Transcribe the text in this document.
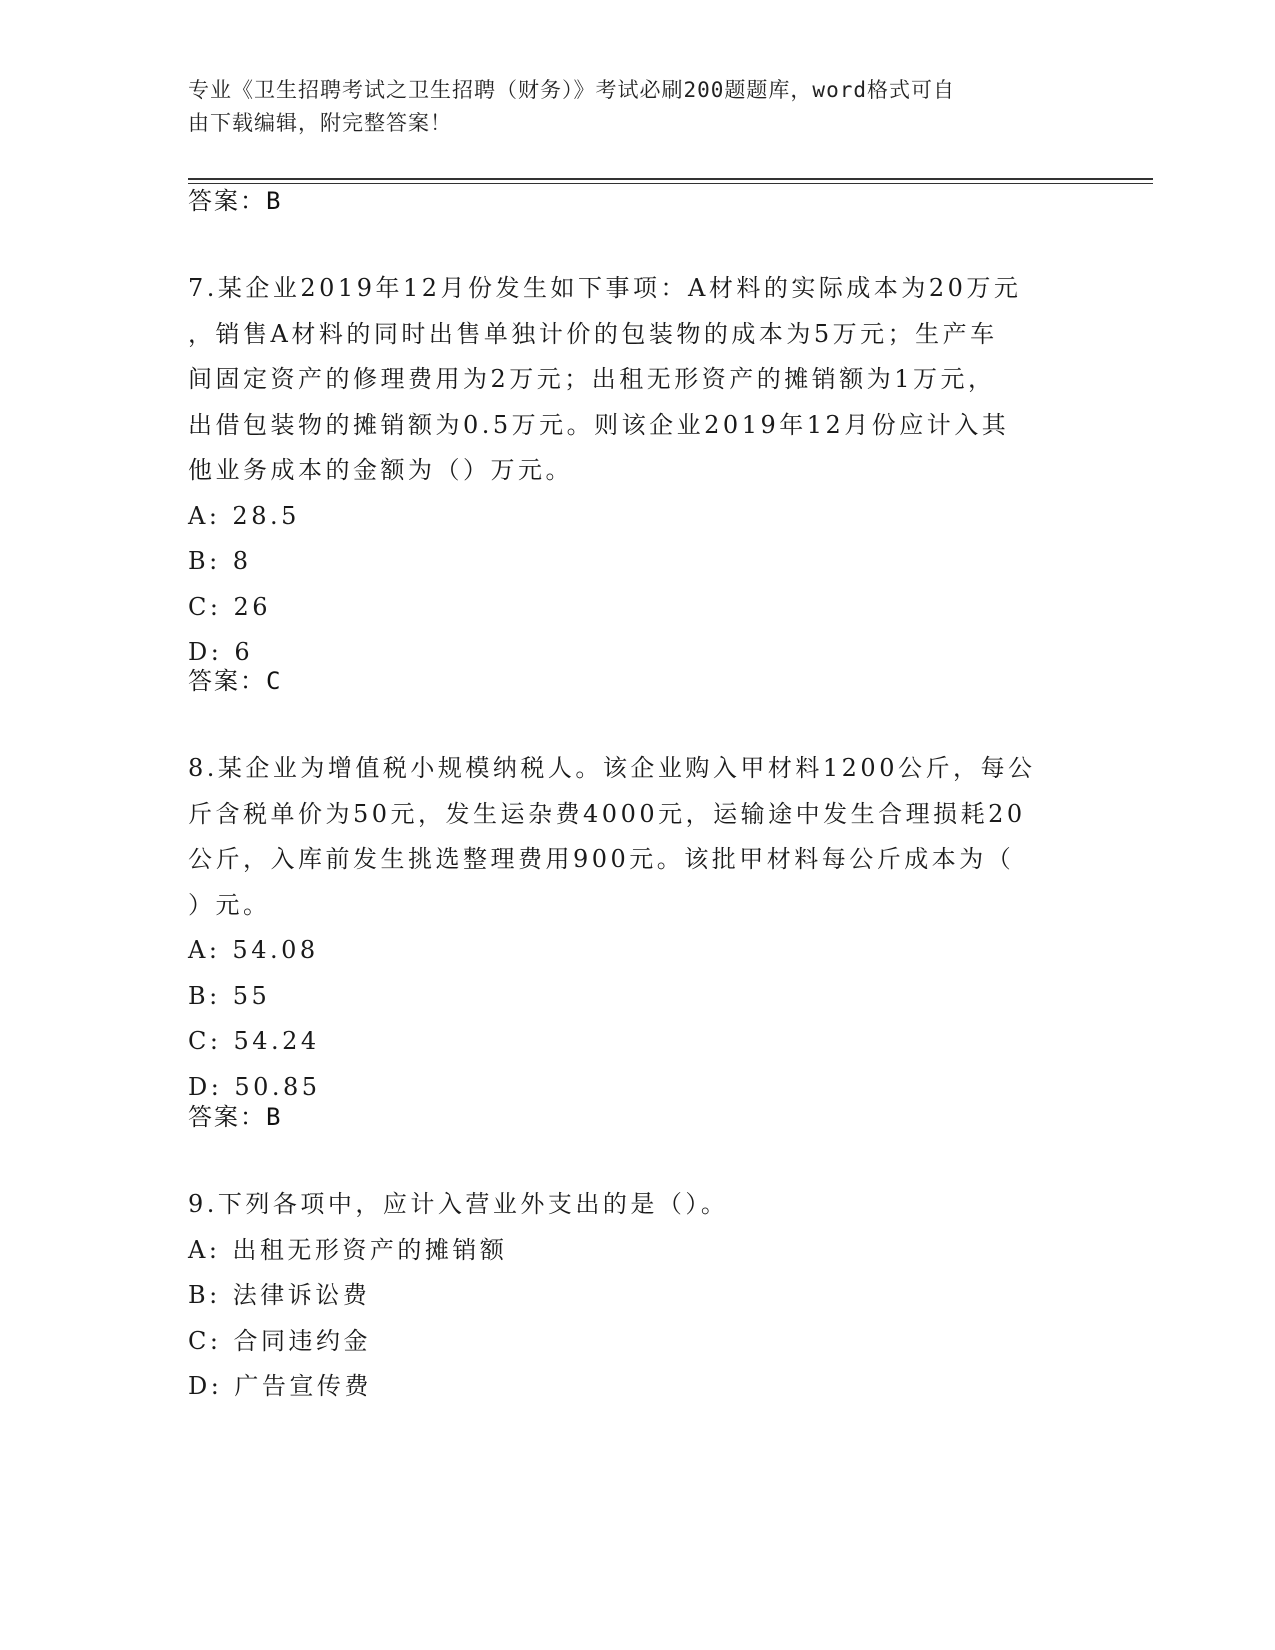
专业《卫生招聘考试之卫生招聘（财务）》考试必刷200题题库，word格式可自
由下载编辑，附完整答案！
答案：B

7.某企业2019年12月份发生如下事项：A材料的实际成本为20万元
，销售A材料的同时出售单独计价的包装物的成本为5万元；生产车
间固定资产的修理费用为2万元；出租无形资产的摊销额为1万元，
出借包装物的摊销额为0.5万元。则该企业2019年12月份应计入其
他业务成本的金额为（）万元。

A: 28.5
B: 8
C: 26
D: 6
答案：C

8.某企业为增值税小规模纳税人。该企业购入甲材料1200公斤，每公
斤含税单价为50元，发生运杂费4000元，运输途中发生合理损耗20
公斤，入库前发生挑选整理费用900元。该批甲材料每公斤成本为（
）元。

A: 54.08
B: 55
C: 54.24
D: 50.85
答案：B

9.下列各项中，应计入营业外支出的是（）。

A: 出租无形资产的摊销额
B: 法律诉讼费
C: 合同违约金
D: 广告宣传费
